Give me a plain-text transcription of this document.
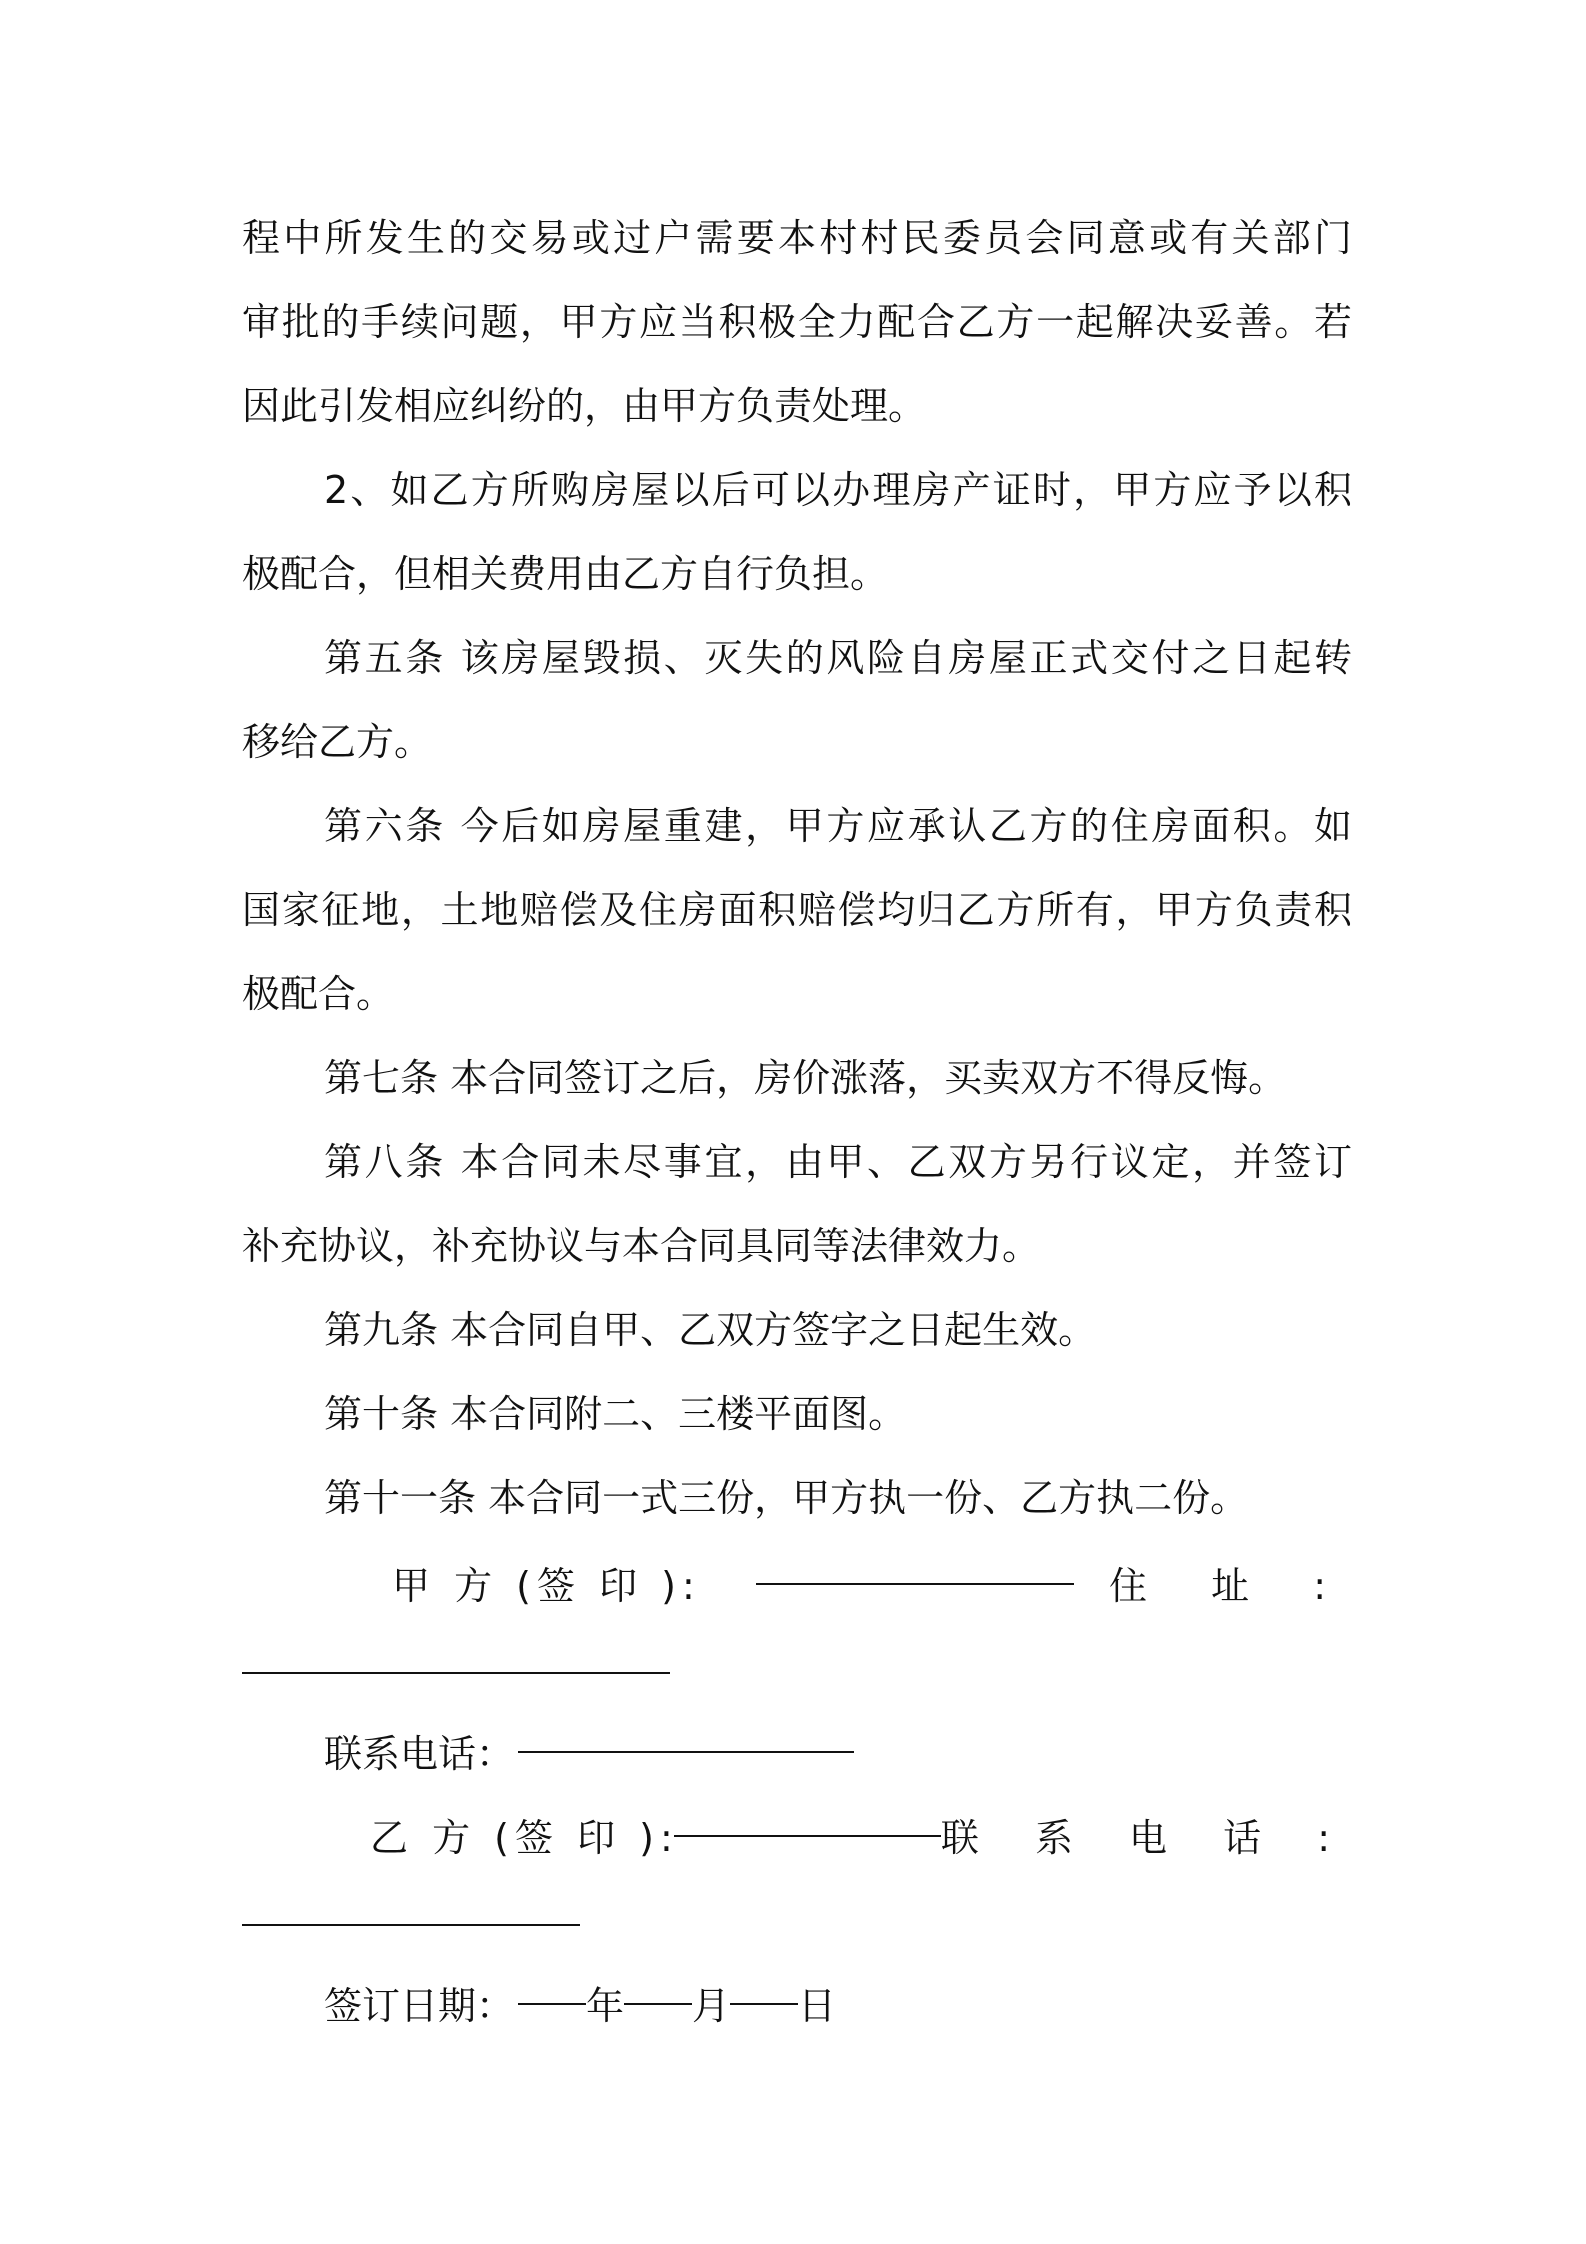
程中所发生的交易或过户需要本村村民委员会同意或有关部门
审批的手续问题，甲方应当积极全力配合乙方一起解决妥善。若
因此引发相应纠纷的，由甲方负责处理。
2、如乙方所购房屋以后可以办理房产证时，甲方应予以积
极配合，但相关费用由乙方自行负担。
第五条 该房屋毁损、灭失的风险自房屋正式交付之日起转
移给乙方。
第六条 今后如房屋重建，甲方应承认乙方的住房面积。如
国家征地，土地赔偿及住房面积赔偿均归乙方所有，甲方负责积
极配合。
第七条 本合同签订之后，房价涨落，买卖双方不得反悔。
第八条 本合同未尽事宜，由甲、乙双方另行议定，并签订
补充协议，补充协议与本合同具同等法律效力。
第九条 本合同自甲、乙双方签字之日起生效。
第十条 本合同附二、三楼平面图。
第十一条 本合同一式三份，甲方执一份、乙方执二份。
甲 方 (签 印 ):	住 址 :
联系电话：
乙 方 (签 印 ):	联 系 电 话 :
签订日期： 年 月 日
